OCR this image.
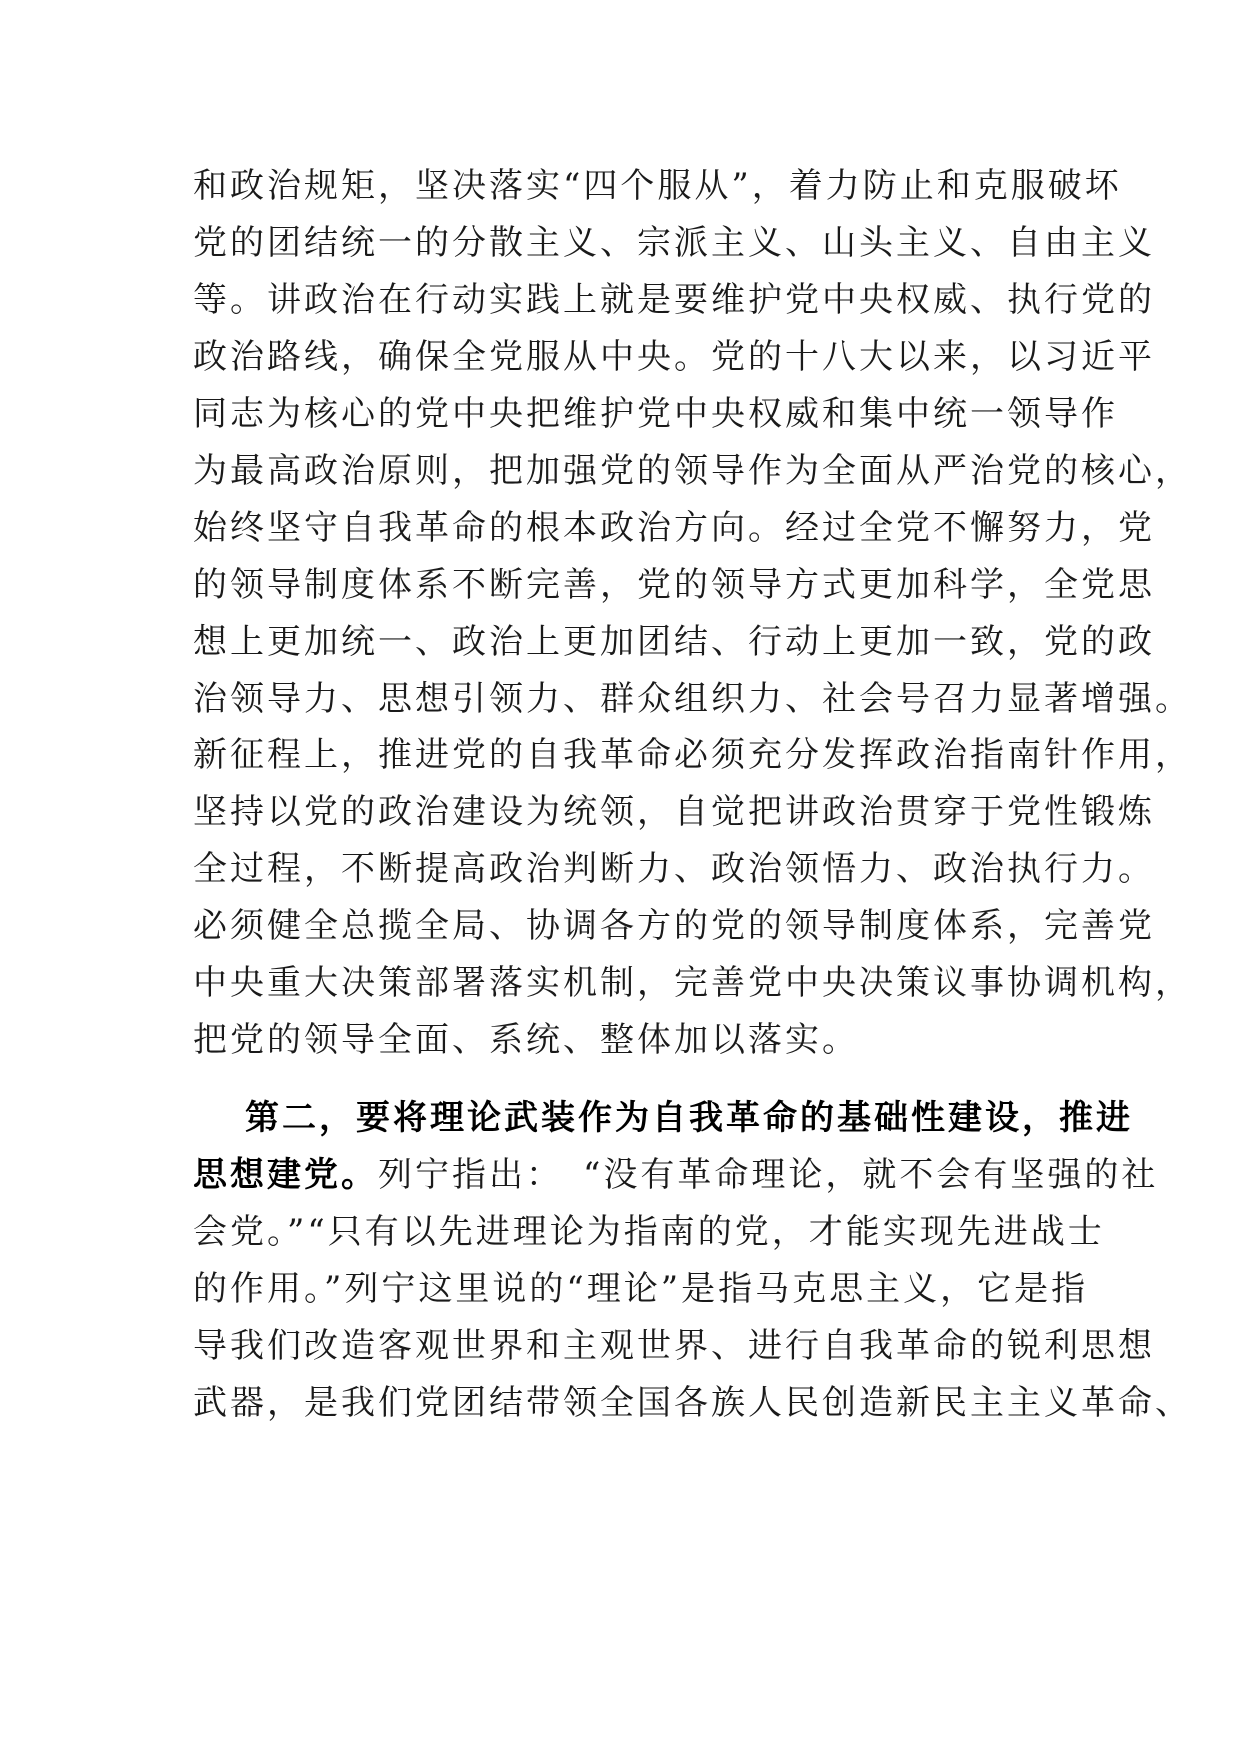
和政治规矩，坚决落实“四个服从”，着力防止和克服破坏
党的团结统一的分散主义、宗派主义、山头主义、自由主义
等。讲政治在行动实践上就是要维护党中央权威、执行党的
政治路线，确保全党服从中央。党的十八大以来，以习近平
同志为核心的党中央把维护党中央权威和集中统一领导作
为最高政治原则，把加强党的领导作为全面从严治党的核心，
始终坚守自我革命的根本政治方向。经过全党不懈努力，党
的领导制度体系不断完善，党的领导方式更加科学，全党思
想上更加统一、政治上更加团结、行动上更加一致，党的政
治领导力、思想引领力、群众组织力、社会号召力显著增强。
新征程上，推进党的自我革命必须充分发挥政治指南针作用，
坚持以党的政治建设为统领，自觉把讲政治贯穿于党性锻炼
全过程，不断提高政治判断力、政治领悟力、政治执行力。
必须健全总揽全局、协调各方的党的领导制度体系，完善党
中央重大决策部署落实机制，完善党中央决策议事协调机构，
把党的领导全面、系统、整体加以落实。
第二，要将理论武装作为自我革命的基础性建设，推进
思想建党。列宁指出：　“没有革命理论，就不会有坚强的社
会党。”“只有以先进理论为指南的党，才能实现先进战士
的作用。”列宁这里说的“理论”是指马克思主义，它是指
导我们改造客观世界和主观世界、进行自我革命的锐利思想
武器，是我们党团结带领全国各族人民创造新民主主义革命、
